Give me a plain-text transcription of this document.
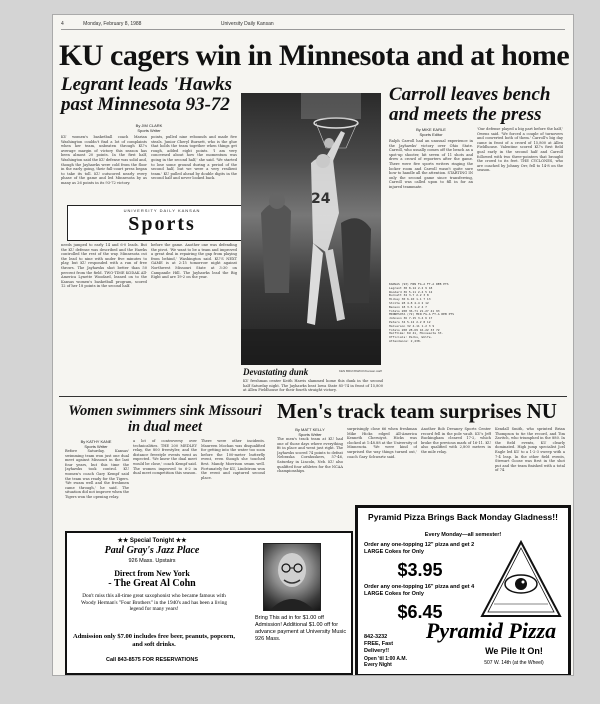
4	Monday, February 8, 1988	University Daily Kansan
KU cagers win in Minnesota and at home
Legrant leads 'Hawks past Minnesota 93-72
By JIM CLARK
Sports Writer
KU women's basketball coach Marian Washington couldn't find a lot of complaints when her team, unbeaten through KU's average margin of victory this season has been almost 20 points. In the first half, Washington said the KU defense was solid and, though the Jayhawks were cold from the floor in the early going, their full-court press began to take its toll. KU outscored nearly every phase of the game and led Minnesota by as many as 26 points in its 93-72 victory.
points, pulled nine rebounds and made five steals. Junior Cheryl Burnett, who is the glue that holds the team together when things get rough, added eight points. 'I am very concerned about how the momentum was going in the second half,' she said. 'We started to lose some ground during a period of the second half, but we were a very resilient team.' KU pulled ahead by double digits in the second half and never looked back.
UNIVERSITY DAILY KANSAN
Sports
needs jumped to early 14 and 6-0 leads. But the KU defense was described and the Hawks controlled the rest of the way. Minnesota cut the lead to nine with under five minutes to play, but KU responded with a run of free throws. The Jayhawks shot better than 50 percent from the field. TWO-TIME KODAK All-America Lynette Woodard, leaned on to the Kansas women's basketball program, scored 12 of her 18 points in the second half.
before the game. Another one was defending the pivot. 'We want to be a team and improved a great deal in repairing the gap from playing from behind,' Washington said. KU'S NEXT GAME is at 2:15 tomorrow night against Northwest Missouri State at 3:30 on Campanile Hill. The Jayhawks lead the Big Eight and are 19-2 on the year.
24
Devastating dunk	KEN BRUNSWICK/Kansan staff
KU freshman center Keith Harris slammed home this dunk in the second half Saturday night. The Jayhawks beat Iowa State 85-74 in front of 15,800 at Allen Fieldhouse for their fourth straight victory.
Carroll leaves bench and meets the press
By MIKE EARLE
Sports Editor
Ralph Carroll had an unusual experience in the Jayhawks' victory over Ohio State. Carroll, who usually comes off the bench as a spot-up shooter, hit seven of 11 shots and drew a crowd of reporters after the game. There were five sports writers ringing the locker room and Carroll wasn't quite sure how to handle all the attention. STARTING IN only the second game since transferring, Carroll was called upon to fill in for an injured teammate.
'Our defense played a big part before the half,' Owens said. 'We forced a couple of turnovers and converted both of them.' Carroll's big day came in front of a crowd of 15,800 at Allen Fieldhouse. Valentine scored KU's first field goal early in the second half and Carroll followed with two three-pointers that brought the crowd to its feet. THE CYCLONES, who are coached by Johnny Orr, fell to 14-8 on the season.
KANSAS (93) MIN FG-A FT-A REB PTS
Legrant 38 8-14 2-2 9 18
Woodard 36 5-11 2-4 5 12
Burnett 34 3-7 2-2 3 8
Hickey 30 6-10 1-1 7 13
Stolte 28 4-8 4-4 2 12
Benson 18 3-5 1-2 4 7
Totals 200 36-71 21-27 41 93
MINNESOTA (72) MIN FG-A FT-A REB PTS
Johnson 36 7-15 3-4 6 17
Peters 34 5-12 2-2 8 12
Halverson 32 4-11 1-2 3 9
Totals 200 28-69 16-22 33 72
Halftime: KU 41, Minnesota 33.
Officials: Parks, Wolfe.
Attendance: 2,438.
Women swimmers sink Missouri in dual meet
By KATHY KANE
Sports Writer
Before Saturday, Kansas' swimming team won just one dual meet against Missouri in the last four years, but this time the Jayhawks took control. KU women's coach Gary Kempf said the team was ready for the Tigers. 'We swam well and the freshmen came through,' he said. The situation did not improve when the Tigers won the opening relay.
a lot of controversy over technicalities. THE 200 MEDLEY relay, the 800 freestyler, and the distance freestyle events went as expected. 'We knew the dual meet would be close,' coach Kempf said. The women improved to 6-2 in dual meet competition this season.
There were other incidents. Maureen Mochan was disqualified for getting into the water too soon before the 100-meter butterfly event, even though she touched first. Mandy Morrison swam well. Fortunately for KU, Lindstrom won the event and captured second place.
Men's track team surprises NU
By MATT KELLY
Sports Writer
The men's track team at KU had one of those days where everything fit in place and went just right. The Jayhawks scored 74 points to defeat Nebraska Cornhuskers, 57-46, Saturday in Lincoln, Neb. KU also qualified four athletes for the NCAA championships.
surprisingly close 66 when freshman Mike Hicks edged All-America Kenneth Cheruiyot. Hicks was clocked at 1:48.88 at the University of Minnesota. 'We were kind of surprised the way things turned out,' coach Gary Schwartz said.
Another Bob Devaney Sports Center record fell in the pole vault. KU's Jeff Buckingham cleared 17-2, which broke the previous mark of 16-11. KU also qualified with 2,800 meters in the mile relay.
Kendall Smith, who sprinted Brian Thompson to tie the record, and Tim Zavitch, who triumphed in the 880. In the field events, KU clearly dominated. High jump specialist Joel Eagle led KU to a 1-2-3 sweep with a 7-4 leap. In the other field events, Stewart Goose was first in the shot put and the team finished with a total of 74.
★★ Special Tonight ★★
Paul Gray's Jazz Place
926 Mass. Upstairs
Direct from New York
- The Great Al Cohn
Don't miss this all-time great saxophonist who became famous with Woody Herman's "Four Brothers" in the 1940's and has been a living legend for many years!
Admission only $7.00 includes free beer, peanuts, popcorn, and soft drinks.
Call 843-8575 FOR RESERVATIONS
Bring This ad in for $1.00 off Admission! Additional $1.00 off for advance payment at University Music 926 Mass.
Pyramid Pizza Brings Back Monday Gladness!!
Every Monday—all semester!
Order any one-topping 12" pizza and get 2 LARGE Cokes for Only
$3.95
Order any one-topping 16" pizza and get 4 LARGE Cokes for Only
$6.45
842-3232 FREE, Fast Delivery!!
Open 'til 1:00 A.M. Every Night
Pyramid Pizza
We Pile It On!
507 W. 14th (at the Wheel)
